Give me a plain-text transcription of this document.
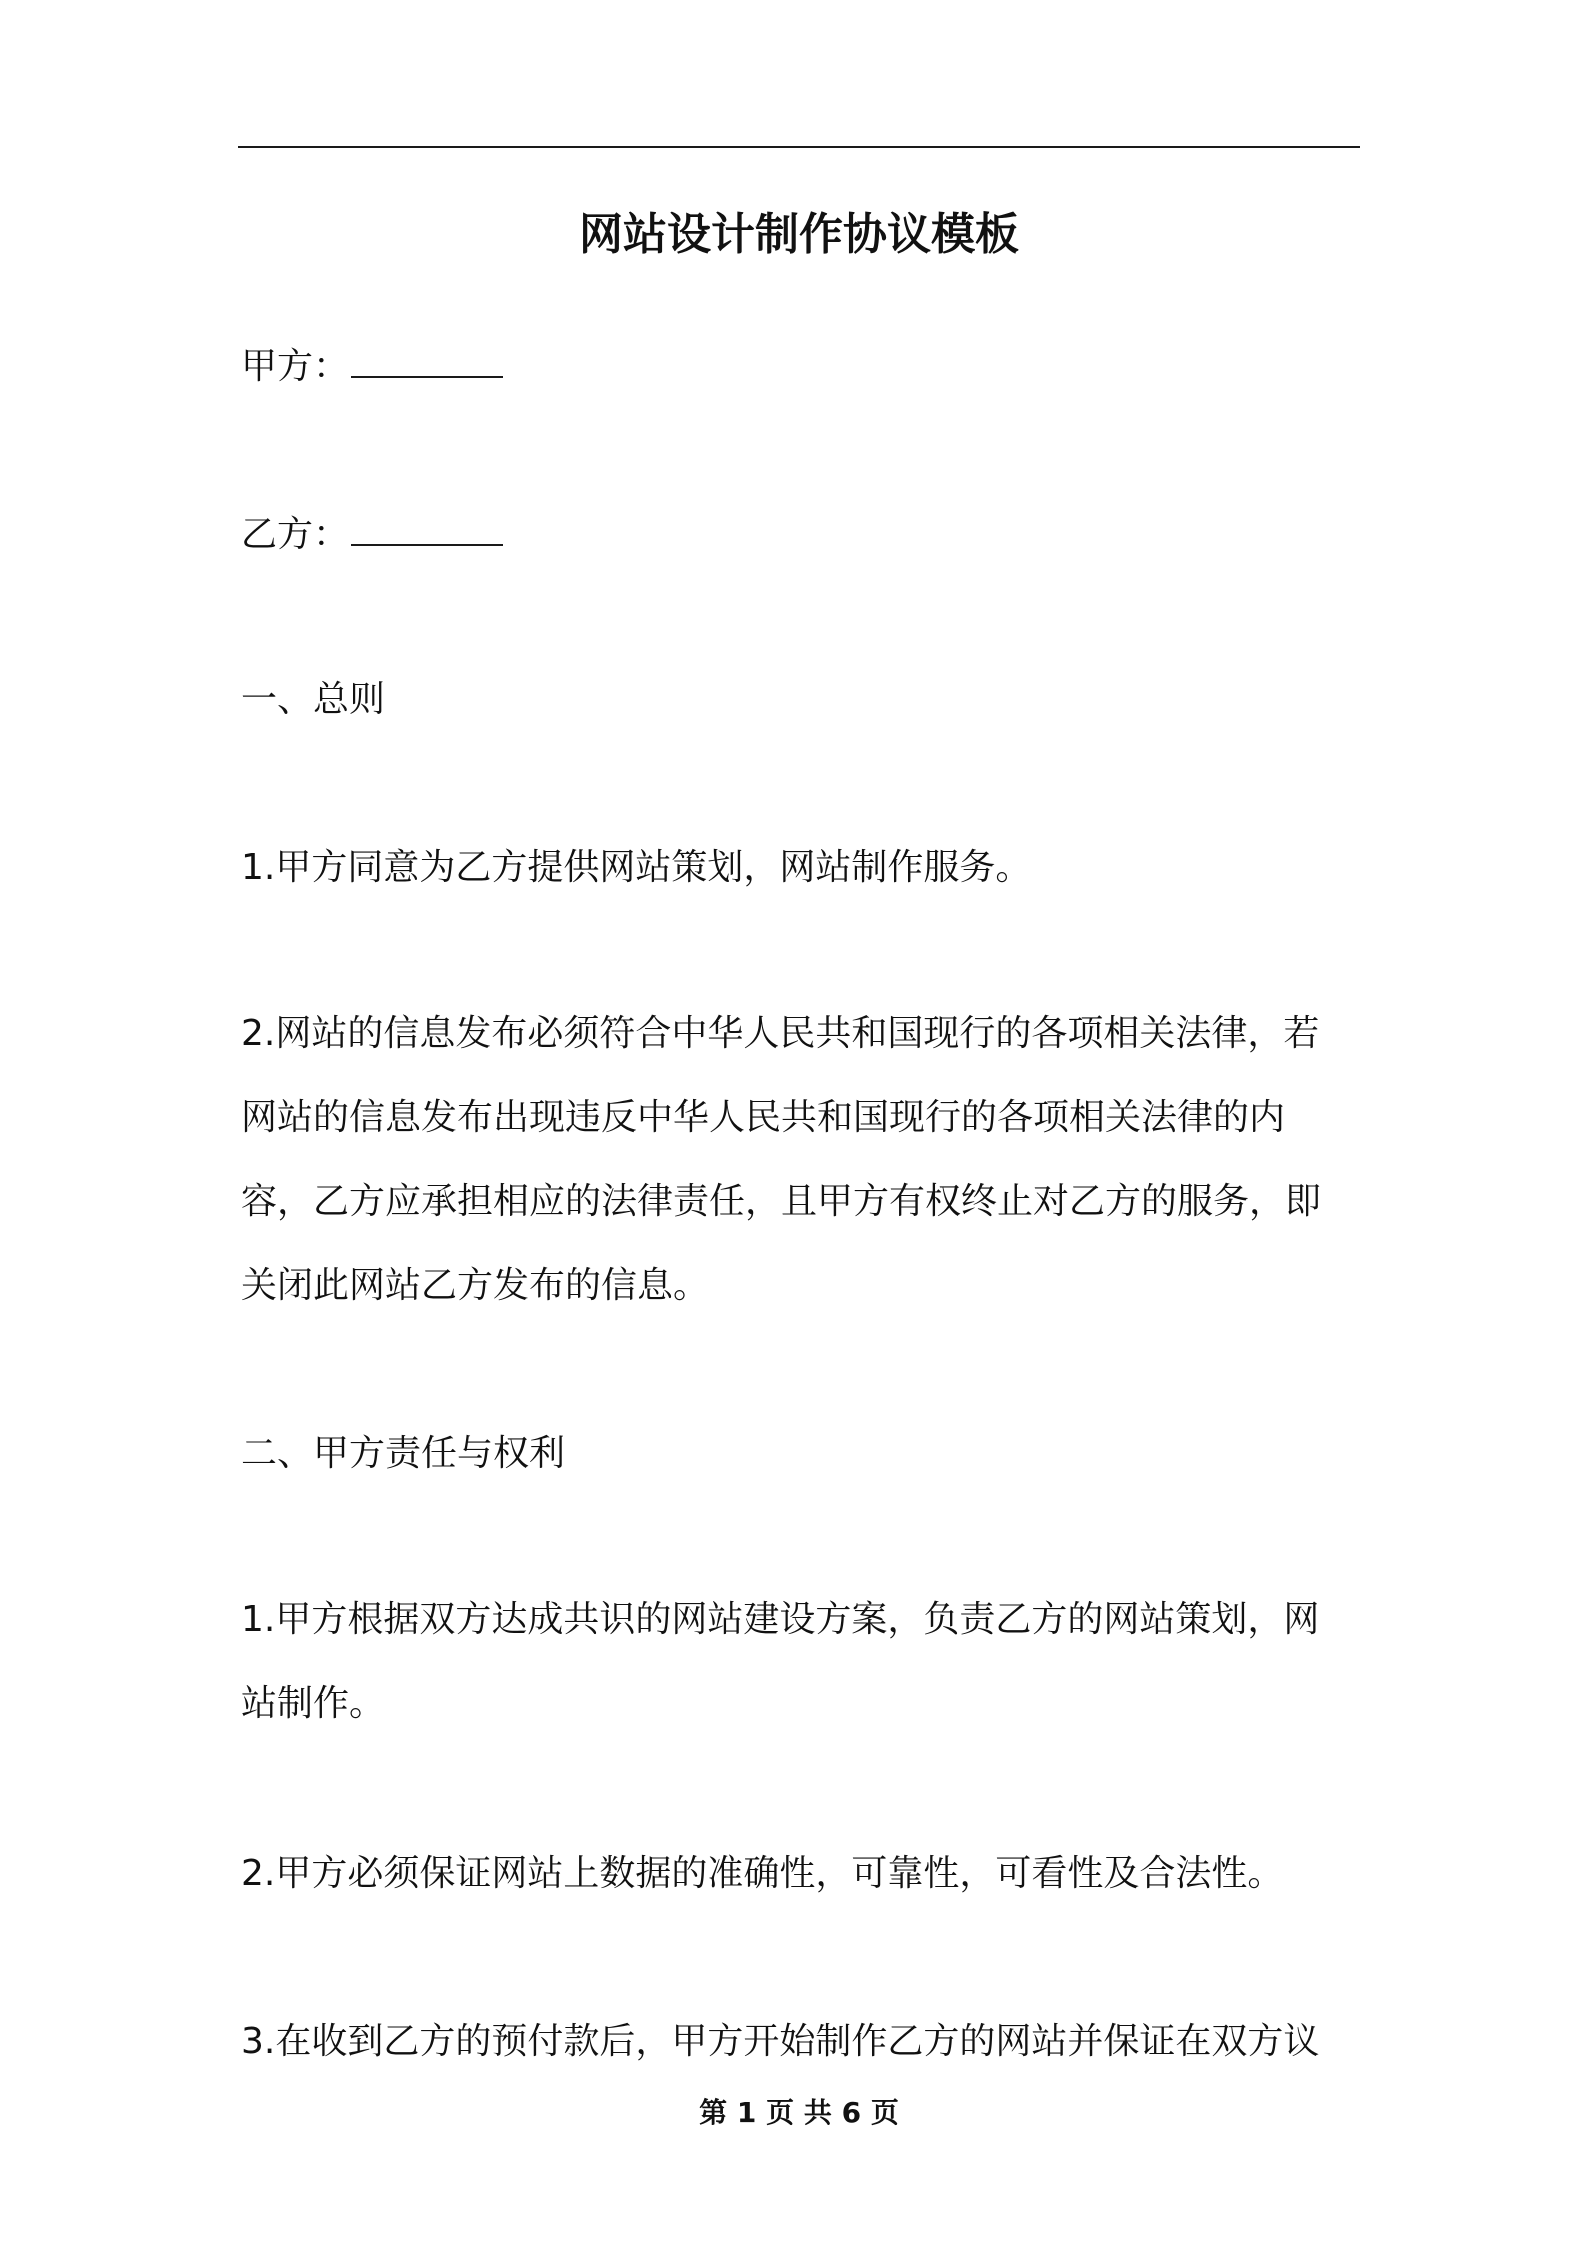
网站设计制作协议模板
甲方：
乙方：
一、总则
1.甲方同意为乙方提供网站策划，网站制作服务。
2.网站的信息发布必须符合中华人民共和国现行的各项相关法律，若
网站的信息发布出现违反中华人民共和国现行的各项相关法律的内
容，乙方应承担相应的法律责任，且甲方有权终止对乙方的服务，即
关闭此网站乙方发布的信息。
二、甲方责任与权利
1.甲方根据双方达成共识的网站建设方案，负责乙方的网站策划，网
站制作。
2.甲方必须保证网站上数据的准确性，可靠性，可看性及合法性。
3.在收到乙方的预付款后，甲方开始制作乙方的网站并保证在双方议
第 1 页 共 6 页
